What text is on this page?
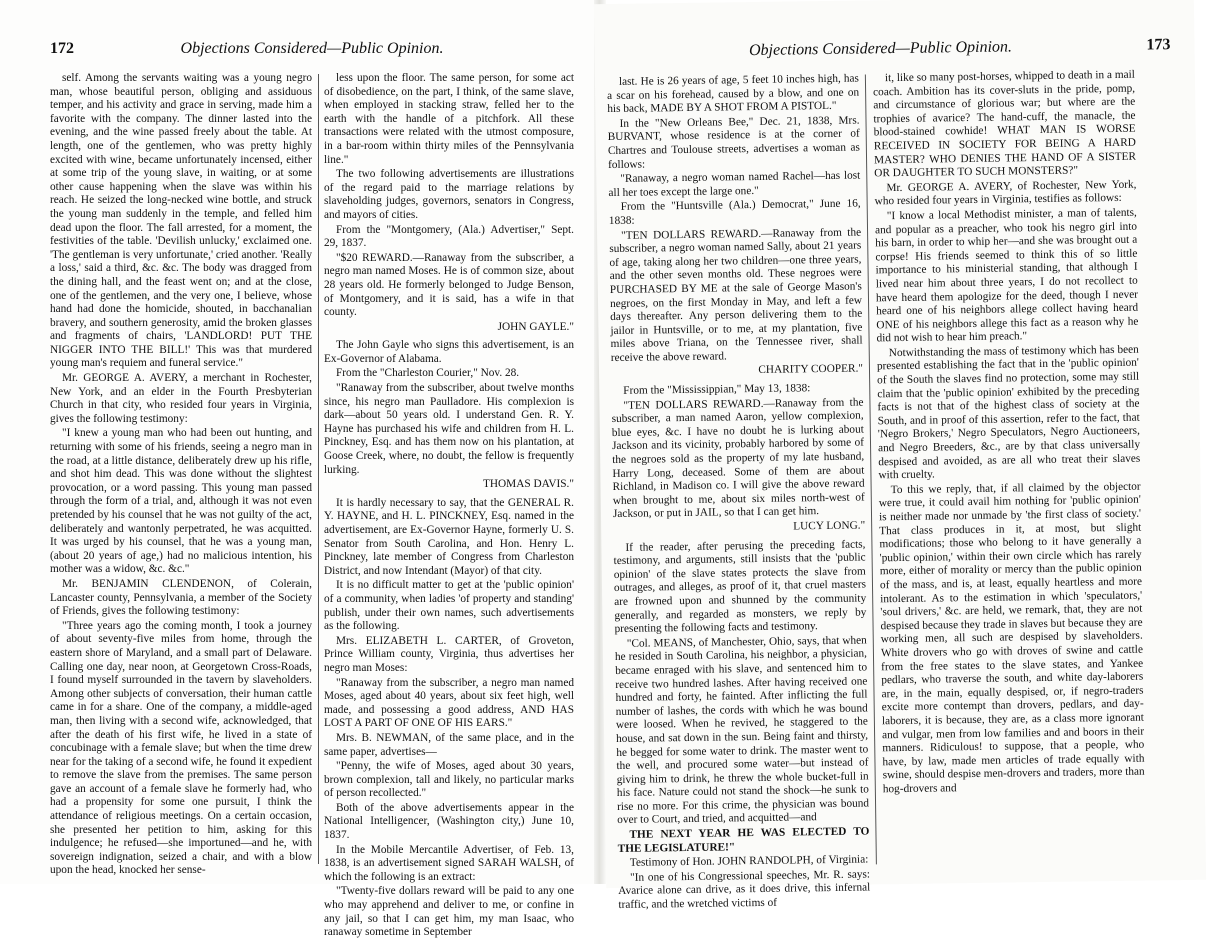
172	Objections Considered—Public Opinion.

self. Among the servants waiting was a young negro man, whose beautiful person, obliging and assiduous temper, and his activity and grace in serving, made him a favorite with the company. The dinner lasted into the evening, and the wine passed freely about the table. At length, one of the gentlemen, who was pretty highly excited with wine, became unfortunately incensed, either at some trip of the young slave, in waiting, or at some other cause happening when the slave was within his reach. He seized the long-necked wine bottle, and struck the young man suddenly in the temple, and felled him dead upon the floor. The fall arrested, for a moment, the festivities of the table. 'Devilish unlucky,' exclaimed one. 'The gentleman is very unfortunate,' cried another. 'Really a loss,' said a third, &c. &c. The body was dragged from the dining hall, and the feast went on; and at the close, one of the gentlemen, and the very one, I believe, whose hand had done the homicide, shouted, in bacchanalian bravery, and southern generosity, amid the broken glasses and fragments of chairs, 'LANDLORD! PUT THE NIGGER INTO THE BILL!' This was that murdered young man's requiem and funeral service."

Mr. GEORGE A. AVERY, a merchant in Rochester, New York, and an elder in the Fourth Presbyterian Church in that city, who resided four years in Virginia, gives the following testimony:

"I knew a young man who had been out hunting, and returning with some of his friends, seeing a negro man in the road, at a little distance, deliberately drew up his rifle, and shot him dead. This was done without the slightest provocation, or a word passing. This young man passed through the form of a trial, and, although it was not even pretended by his counsel that he was not guilty of the act, deliberately and wantonly perpetrated, he was acquitted. It was urged by his counsel, that he was a young man, (about 20 years of age,) had no malicious intention, his mother was a widow, &c. &c."

Mr. BENJAMIN CLENDENON, of Colerain, Lancaster county, Pennsylvania, a member of the Society of Friends, gives the following testimony:

"Three years ago the coming month, I took a journey of about seventy-five miles from home, through the eastern shore of Maryland, and a small part of Delaware. Calling one day, near noon, at Georgetown Cross-Roads, I found myself surrounded in the tavern by slaveholders. Among other subjects of conversation, their human cattle came in for a share. One of the company, a middle-aged man, then living with a second wife, acknowledged, that after the death of his first wife, he lived in a state of concubinage with a female slave; but when the time drew near for the taking of a second wife, he found it expedient to remove the slave from the premises. The same person gave an account of a female slave he formerly had, who had a propensity for some one pursuit, I think the attendance of religious meetings. On a certain occasion, she presented her petition to him, asking for this indulgence; he refused—she importuned—and he, with sovereign indignation, seized a chair, and with a blow upon the head, knocked her sense-

less upon the floor. The same person, for some act of disobedience, on the part, I think, of the same slave, when employed in stacking straw, felled her to the earth with the handle of a pitchfork. All these transactions were related with the utmost composure, in a bar-room within thirty miles of the Pennsylvania line."

The two following advertisements are illustrations of the regard paid to the marriage relations by slaveholding judges, governors, senators in Congress, and mayors of cities.

From the "Montgomery, (Ala.) Advertiser," Sept. 29, 1837.

"$20 REWARD.—Ranaway from the subscriber, a negro man named Moses. He is of common size, about 28 years old. He formerly belonged to Judge Benson, of Montgomery, and it is said, has a wife in that county.

JOHN GAYLE."

The John Gayle who signs this advertisement, is an Ex-Governor of Alabama.

From the "Charleston Courier," Nov. 28.

"Ranaway from the subscriber, about twelve months since, his negro man Paulladore. His complexion is dark—about 50 years old. I understand Gen. R. Y. Hayne has purchased his wife and children from H. L. Pinckney, Esq. and has them now on his plantation, at Goose Creek, where, no doubt, the fellow is frequently lurking.

THOMAS DAVIS."

It is hardly necessary to say, that the GENERAL R. Y. HAYNE, and H. L. PINCKNEY, Esq. named in the advertisement, are Ex-Governor Hayne, formerly U. S. Senator from South Carolina, and Hon. Henry L. Pinckney, late member of Congress from Charleston District, and now Intendant (Mayor) of that city.

It is no difficult matter to get at the 'public opinion' of a community, when ladies 'of property and standing' publish, under their own names, such advertisements as the following.

Mrs. ELIZABETH L. CARTER, of Groveton, Prince William county, Virginia, thus advertises her negro man Moses:

"Ranaway from the subscriber, a negro man named Moses, aged about 40 years, about six feet high, well made, and possessing a good address, AND HAS LOST A PART OF ONE OF HIS EARS."

Mrs. B. NEWMAN, of the same place, and in the same paper, advertises—

"Penny, the wife of Moses, aged about 30 years, brown complexion, tall and likely, no particular marks of person recollected."

Both of the above advertisements appear in the National Intelligencer, (Washington city,) June 10, 1837.

In the Mobile Mercantile Advertiser, of Feb. 13, 1838, is an advertisement signed SARAH WALSH, of which the following is an extract:

"Twenty-five dollars reward will be paid to any one who may apprehend and deliver to me, or confine in any jail, so that I can get him, my man Isaac, who ranaway sometime in September

Objections Considered—Public Opinion.	173

last. He is 26 years of age, 5 feet 10 inches high, has a scar on his forehead, caused by a blow, and one on his back, MADE BY A SHOT FROM A PISTOL."

In the "New Orleans Bee," Dec. 21, 1838, Mrs. BURVANT, whose residence is at the corner of Chartres and Toulouse streets, advertises a woman as follows:

"Ranaway, a negro woman named Rachel—has lost all her toes except the large one."

From the "Huntsville (Ala.) Democrat," June 16, 1838:

"TEN DOLLARS REWARD.—Ranaway from the subscriber, a negro woman named Sally, about 21 years of age, taking along her two children—one three years, and the other seven months old. These negroes were PURCHASED BY ME at the sale of George Mason's negroes, on the first Monday in May, and left a few days thereafter. Any person delivering them to the jailor in Huntsville, or to me, at my plantation, five miles above Triana, on the Tennessee river, shall receive the above reward.

CHARITY COOPER."

From the "Mississippian," May 13, 1838:

"TEN DOLLARS REWARD.—Ranaway from the subscriber, a man named Aaron, yellow complexion, blue eyes, &c. I have no doubt he is lurking about Jackson and its vicinity, probably harbored by some of the negroes sold as the property of my late husband, Harry Long, deceased. Some of them are about Richland, in Madison co. I will give the above reward when brought to me, about six miles north-west of Jackson, or put in JAIL, so that I can get him.

LUCY LONG."

If the reader, after perusing the preceding facts, testimony, and arguments, still insists that the 'public opinion' of the slave states protects the slave from outrages, and alleges, as proof of it, that cruel masters are frowned upon and shunned by the community generally, and regarded as monsters, we reply by presenting the following facts and testimony.

"Col. MEANS, of Manchester, Ohio, says, that when he resided in South Carolina, his neighbor, a physician, became enraged with his slave, and sentenced him to receive two hundred lashes. After having received one hundred and forty, he fainted. After inflicting the full number of lashes, the cords with which he was bound were loosed. When he revived, he staggered to the house, and sat down in the sun. Being faint and thirsty, he begged for some water to drink. The master went to the well, and procured some water—but instead of giving him to drink, he threw the whole bucket-full in his face. Nature could not stand the shock—he sunk to rise no more. For this crime, the physician was bound over to Court, and tried, and acquitted—and

THE NEXT YEAR HE WAS ELECTED TO THE LEGISLATURE!"

Testimony of Hon. JOHN RANDOLPH, of Virginia:

"In one of his Congressional speeches, Mr. R. says: Avarice alone can drive, as it does drive, this infernal traffic, and the wretched victims of

it, like so many post-horses, whipped to death in a mail coach. Ambition has its cover-sluts in the pride, pomp, and circumstance of glorious war; but where are the trophies of avarice? The hand-cuff, the manacle, the blood-stained cowhide! WHAT MAN IS WORSE RECEIVED IN SOCIETY FOR BEING A HARD MASTER? WHO DENIES THE HAND OF A SISTER OR DAUGHTER TO SUCH MONSTERS?"

Mr. GEORGE A. AVERY, of Rochester, New York, who resided four years in Virginia, testifies as follows:

"I know a local Methodist minister, a man of talents, and popular as a preacher, who took his negro girl into his barn, in order to whip her—and she was brought out a corpse! His friends seemed to think this of so little importance to his ministerial standing, that although I lived near him about three years, I do not recollect to have heard them apologize for the deed, though I never heard one of his neighbors allege collect having heard ONE of his neighbors allege this fact as a reason why he did not wish to hear him preach."

Notwithstanding the mass of testimony which has been presented establishing the fact that in the 'public opinion' of the South the slaves find no protection, some may still claim that the 'public opinion' exhibited by the preceding facts is not that of the highest class of society at the South, and in proof of this assertion, refer to the fact, that 'Negro Brokers,' Negro Speculators, Negro Auctioneers, and Negro Breeders, &c., are by that class universally despised and avoided, as are all who treat their slaves with cruelty.

To this we reply, that, if all claimed by the objector were true, it could avail him nothing for 'public opinion' is neither made nor unmade by 'the first class of society.' That class produces in it, at most, but slight modifications; those who belong to it have generally a 'public opinion,' within their own circle which has rarely more, either of morality or mercy than the public opinion of the mass, and is, at least, equally heartless and more intolerant. As to the estimation in which 'speculators,' 'soul drivers,' &c. are held, we remark, that, they are not despised because they trade in slaves but because they are working men, all such are despised by slaveholders. White drovers who go with droves of swine and cattle from the free states to the slave states, and Yankee pedlars, who traverse the south, and white day-laborers are, in the main, equally despised, or, if negro-traders excite more contempt than drovers, pedlars, and day-laborers, it is because, they are, as a class more ignorant and vulgar, men from low families and and boors in their manners. Ridiculous! to suppose, that a people, who have, by law, made men articles of trade equally with swine, should despise men-drovers and traders, more than hog-drovers and
